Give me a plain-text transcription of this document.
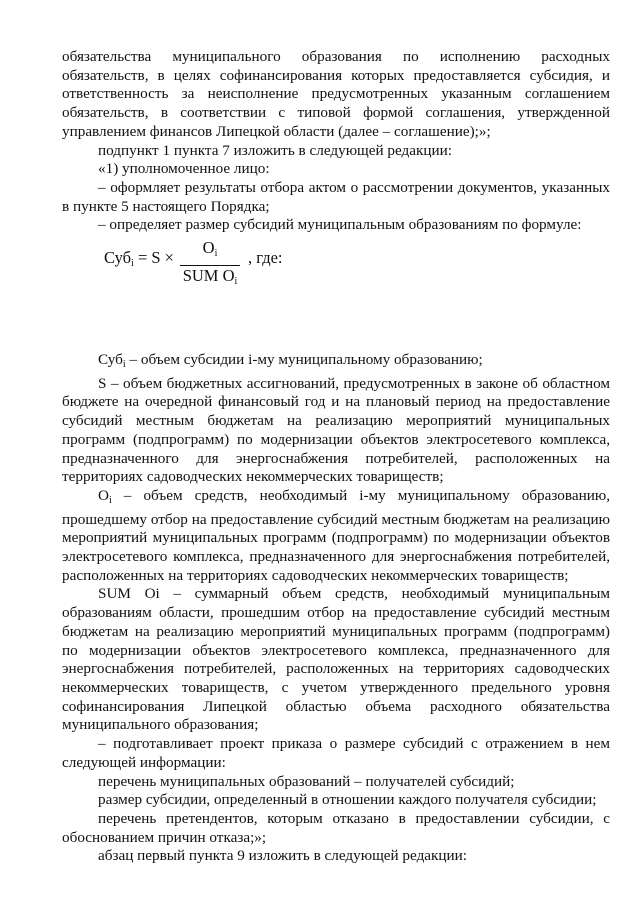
обязательства муниципального образования по исполнению расходных обязательств, в целях софинансирования которых предоставляется субсидия, и ответственность за неисполнение предусмотренных указанным соглашением обязательств, в соответствии с типовой формой соглашения, утвержденной управлением финансов Липецкой области (далее – соглашение);»;

подпункт 1 пункта 7 изложить в следующей редакции:

«1) уполномоченное лицо:

– оформляет результаты отбора актом о рассмотрении документов, указанных в пункте 5 настоящего Порядка;

– определяет размер субсидий муниципальным образованиям по формуле:

Суб$_i$ = S ×
$O_i$
SUM $O_i$
, где:

Суб$_i$ – объем субсидии i-му муниципальному образованию;

S – объем бюджетных ассигнований, предусмотренных в законе об областном бюджете на очередной финансовый год и на плановый период на предоставление субсидий местным бюджетам на реализацию мероприятий муниципальных программ (подпрограмм) по модернизации объектов электросетевого комплекса, предназначенного для энергоснабжения потребителей, расположенных на территориях садоводческих некоммерческих товариществ;

$O_i$ – объем средств, необходимый i-му муниципальному образованию, прошедшему отбор на предоставление субсидий местным бюджетам на реализацию мероприятий муниципальных программ (подпрограмм) по модернизации объектов электросетевого комплекса, предназначенного для энергоснабжения потребителей, расположенных на территориях садоводческих некоммерческих товариществ;

SUM Oi – суммарный объем средств, необходимый муниципальным образованиям области, прошедшим отбор на предоставление субсидий местным бюджетам на реализацию мероприятий муниципальных программ (подпрограмм) по модернизации объектов электросетевого комплекса, предназначенного для энергоснабжения потребителей, расположенных на территориях садоводческих некоммерческих товариществ, с учетом утвержденного предельного уровня софинансирования Липецкой областью объема расходного обязательства муниципального образования;

– подготавливает проект приказа о размере субсидий с отражением в нем следующей информации:

перечень муниципальных образований – получателей субсидий;

размер субсидии, определенный в отношении каждого получателя субсидии;

перечень претендентов, которым отказано в предоставлении субсидии, с обоснованием причин отказа;»;

абзац первый пункта 9 изложить в следующей редакции:
